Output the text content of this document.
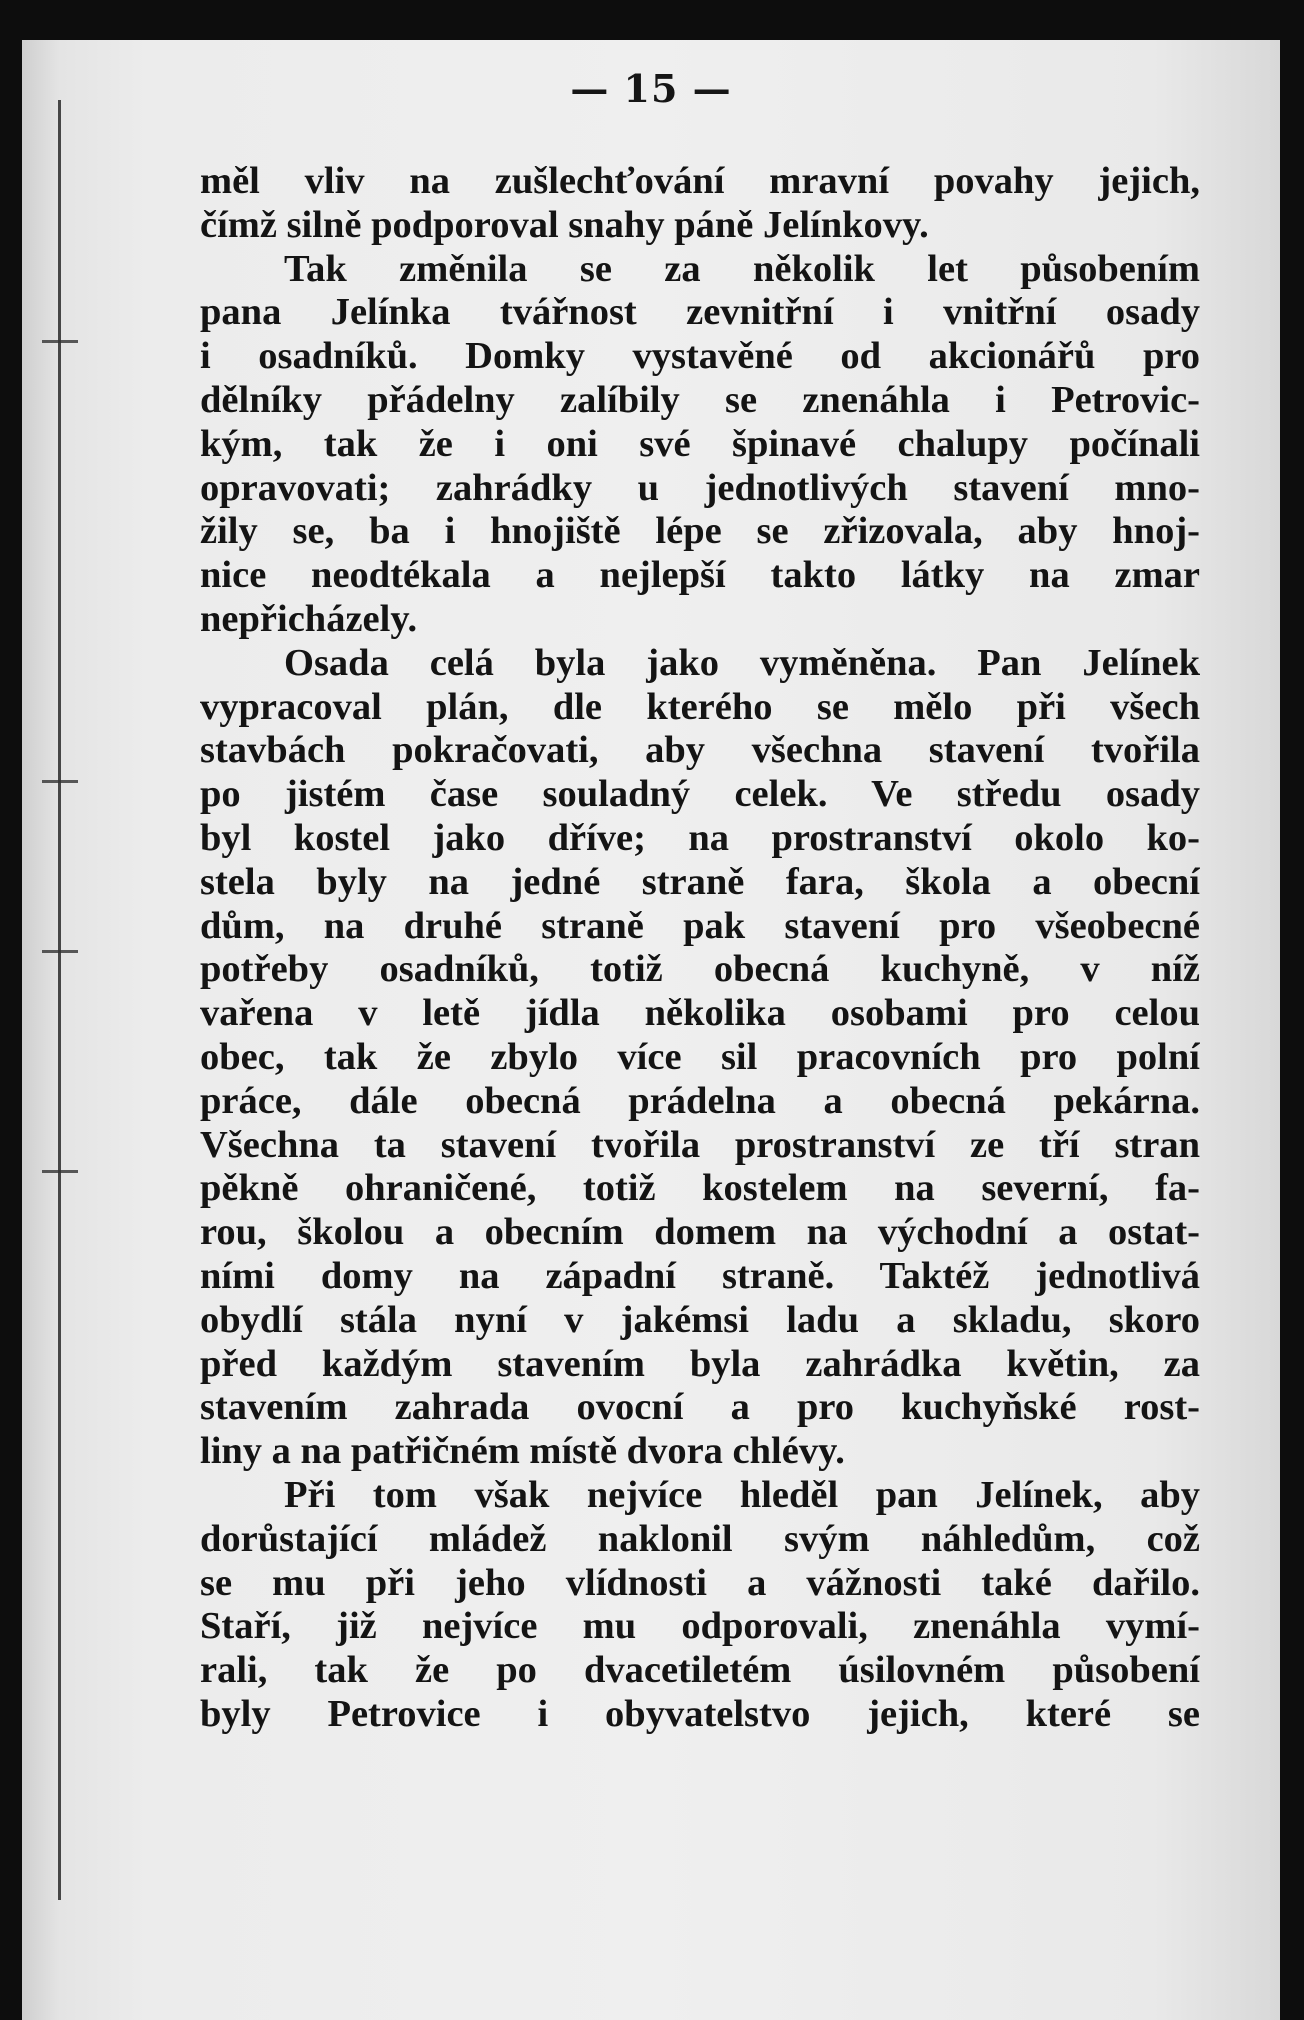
— 15 —
měl vliv na zušlechťování mravní povahy jejich,
čímž silně podporoval snahy páně Jelínkovy.
Tak změnila se za několik let působením
pana Jelínka tvářnost zevnitřní i vnitřní osady
i osadníků. Domky vystavěné od akcionářů pro
dělníky přádelny zalíbily se znenáhla i Petrovic-
kým, tak že i oni své špinavé chalupy počínali
opravovati; zahrádky u jednotlivých stavení mno-
žily se, ba i hnojiště lépe se zřizovala, aby hnoj-
nice neodtékala a nejlepší takto látky na zmar
nepřicházely.
Osada celá byla jako vyměněna. Pan Jelínek
vypracoval plán, dle kterého se mělo při všech
stavbách pokračovati, aby všechna stavení tvořila
po jistém čase souladný celek. Ve středu osady
byl kostel jako dříve; na prostranství okolo ko-
stela byly na jedné straně fara, škola a obecní
dům, na druhé straně pak stavení pro všeobecné
potřeby osadníků, totiž obecná kuchyně, v níž
vařena v letě jídla několika osobami pro celou
obec, tak že zbylo více sil pracovních pro polní
práce, dále obecná prádelna a obecná pekárna.
Všechna ta stavení tvořila prostranství ze tří stran
pěkně ohraničené, totiž kostelem na severní, fa-
rou, školou a obecním domem na východní a ostat-
ními domy na západní straně. Taktéž jednotlivá
obydlí stála nyní v jakémsi ladu a skladu, skoro
před každým stavením byla zahrádka květin, za
stavením zahrada ovocní a pro kuchyňské rost-
liny a na patřičném místě dvora chlévy.
Při tom však nejvíce hleděl pan Jelínek, aby
dorůstající mládež naklonil svým náhledům, což
se mu při jeho vlídnosti a vážnosti také dařilo.
Staří, již nejvíce mu odporovali, znenáhla vymí-
rali, tak že po dvacetiletém úsilovném působení
byly Petrovice i obyvatelstvo jejich, které se
